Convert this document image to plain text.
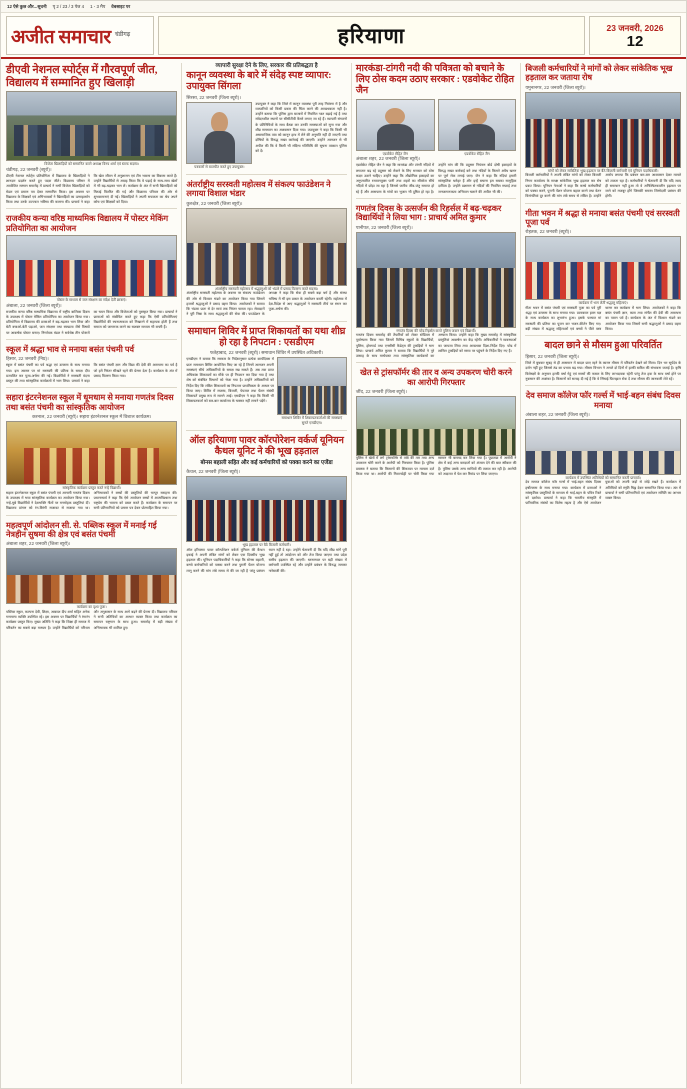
12 ऐसे कुछ और...सूचनी पृ 2 / 23 / 3 पेज 4 1 - 3 मैप वेबसाइट पर
अजीत समाचार चंडीगढ़	हरियाणा	23 जनवरी, 2026
12
डीएवी नेशनल स्पोर्ट्स में गौरवपूर्ण जीत, विद्यालय में सम्मानित हुए खिलाड़ी
विजेता खिलाड़ियों को सम्मानित करते अध्यक्ष विनय शर्मा एवं स्टाफ सदस्य।
चंडीगढ़, 22 जनवरी (ब्यूरो)।
डीएवी नेशनल स्पोर्ट्स प्रतियोगिता में विद्यालय के खिलाड़ियों ने शानदार प्रदर्शन करते हुए पदक जीते। विद्यालय परिसर में आयोजित सम्मान समारोह में प्राचार्य ने सभी विजेता खिलाड़ियों को मेडल एवं प्रमाण पत्र देकर सम्मानित किया। इस अवसर पर विद्यालय के शिक्षकों एवं अभिभावकों ने खिलाड़ियों का उत्साहवर्धन किया तथा उनके उज्ज्वल भविष्य की कामना की। प्राचार्य ने कहा कि खेल जीवन में अनुशासन एवं टीम भावना का विकास करते हैं। उन्होंने विद्यार्थियों से आग्रह किया कि वे पढ़ाई के साथ-साथ खेलों में भी बढ़-चढ़कर भाग लें। कार्यक्रम के अंत में सभी खिलाड़ियों को मिठाई वितरित की गई और विद्यालय परिवार की ओर से शुभकामनाएं दी गईं। खिलाड़ियों ने अपनी सफलता का श्रेय अपने कोच एवं शिक्षकों को दिया।
राजकीय कन्या वरिष्ठ माध्यमिक विद्यालय में पोस्टर मेकिंग प्रतियोगिता का आयोजन
पोस्टर के माध्यम से जल संरक्षण का संदेश देतीं छात्राएं।
अंबाला, 22 जनवरी (जिला ब्यूरो)।
राजकीय कन्या वरिष्ठ माध्यमिक विद्यालय में राष्ट्रीय बालिका दिवस के उपलक्ष्य में पोस्टर मेकिंग प्रतियोगिता का आयोजन किया गया। प्रतियोगिता में विद्यालय की छात्राओं ने बढ़-चढ़कर भाग लिया और बेटी बचाओ-बेटी पढ़ाओ, जल संरक्षण तथा स्वच्छता जैसे विषयों पर आकर्षक पोस्टर बनाए। निर्णायक मंडल ने सर्वश्रेष्ठ तीन पोस्टरों का चयन किया और विजेताओं को पुरस्कृत किया गया। प्राचार्या ने छात्राओं को संबोधित करते हुए कहा कि ऐसी प्रतियोगिताएं विद्यार्थियों की रचनात्मकता को निखारने में सहायक होती हैं तथा समाज को जागरूक करने का सशक्त माध्यम भी बनती हैं।
स्कूल में श्रद्धा भाव से मनाया बसंत पंचमी पर्व
हिसार, 22 जनवरी (निप्र)।
स्कूल में बसंत पंचमी का पर्व श्रद्धा एवं उल्लास के साथ मनाया गया। इस अवसर पर मां सरस्वती की प्रतिमा के समक्ष दीप प्रज्वलित कर पूजा-अर्चना की गई। विद्यार्थियों ने सरस्वती वंदना प्रस्तुत की तथा सांस्कृतिक कार्यक्रमों में भाग लिया। प्राचार्य ने कहा कि बसंत पंचमी ज्ञान और विद्या की देवी की आराधना का पर्व है जो हमें निरंतर सीखते रहने की प्रेरणा देता है। कार्यक्रम के अंत में प्रसाद वितरण किया गया।
सहारा इंटरनेशनल स्कूल में धूमधाम से मनाया गणतंत्र दिवस तथा बसंत पंचमी का सांस्कृतिक आयोजन
करनाल, 22 जनवरी (ब्यूरो)। सहारा इंटरनेशनल स्कूल में विशाल कार्यक्रम।
सांस्कृतिक कार्यक्रम प्रस्तुत करते नन्हे विद्यार्थी।
सहारा इंटरनेशनल स्कूल में बसंत पंचमी एवं आगामी गणतंत्र दिवस के उपलक्ष्य में भव्य सांस्कृतिक कार्यक्रम का आयोजन किया गया। नन्हे-मुन्ने विद्यार्थियों ने देशभक्ति गीतों पर मनमोहक प्रस्तुतियां दीं। विद्यालय प्रांगण को रंग-बिरंगी सजावट से सजाया गया था। अभिभावकों ने बच्चों की प्रस्तुतियों की भरपूर सराहना की। प्रधानाचार्य ने कहा कि ऐसे आयोजन बच्चों में आत्मविश्वास तथा राष्ट्रप्रेम की भावना को प्रबल करते हैं। कार्यक्रम के समापन पर सभी प्रतिभागियों को प्रमाण पत्र देकर प्रोत्साहित किया गया।
महत्वपूर्ण आंदोलन सी. से. पब्लिक स्कूल में मनाई गई नेत्रहीन सुषमा की क्षेत्र एवं बसंत पंचमी
अंबाला शहर, 22 जनवरी (जिला ब्यूरो)।
कार्यक्रम का दृश्य पूजा।
पब्लिक स्कूल, कल्पना देवी, शिक्षा, आकाश दीप शर्मा सहित अनेक गणमान्य व्यक्ति उपस्थित रहे। इस अवसर पर विद्यार्थियों ने रंगारंग कार्यक्रम प्रस्तुत किए। मुख्य अतिथि ने कहा कि शिक्षा ही समाज में परिवर्तन का सबसे बड़ा माध्यम है। उन्होंने विद्यार्थियों को परिश्रम और अनुशासन के साथ आगे बढ़ने की प्रेरणा दी। विद्यालय परिवार ने सभी अतिथियों का आभार व्यक्त किया तथा कार्यक्रम का समापन राष्ट्रगान के साथ हुआ। समारोह में बड़ी संख्या में अभिभावक भी शामिल हुए।
व्यापारी सुरक्षा देने के लिए, सरकार की प्रतिबद्धता है
कानून व्यवस्था के बारे में संदेह स्पष्ट व्यापार: उपायुक्त सिंगला
सिरसा, 22 जनवरी (जिला ब्यूरो)।
पत्रकारों से बातचीत करते हुए उपायुक्त।
उपायुक्त ने कहा कि जिले में कानून व्यवस्था पूरी तरह नियंत्रण में है और व्यापारियों को किसी प्रकार की चिंता करने की आवश्यकता नहीं है। उन्होंने बताया कि पुलिस द्वारा बाजारों में नियमित गश्त बढ़ाई गई है तथा संवेदनशील स्थानों पर सीसीटीवी कैमरे लगाए जा रहे हैं। व्यापारी संगठनों के प्रतिनिधियों के साथ बैठक कर उनकी समस्याओं को सुना गया और शीघ्र समाधान का आश्वासन दिया गया। उपायुक्त ने कहा कि किसी भी असामाजिक तत्व को कानून हाथ में लेने की अनुमति नहीं दी जाएगी तथा दोषियों के विरुद्ध सख्त कार्रवाई की जाएगी। उन्होंने आमजन से भी अपील की कि वे किसी भी संदिग्ध गतिविधि की सूचना तत्काल पुलिस को दें।
अंतर्राष्ट्रीय सरस्वती महोत्सव में संकल्प फाउंडेशन ने लगाया विशाल भंडार
कुरुक्षेत्र, 22 जनवरी (जिला ब्यूरो)।
अंतर्राष्ट्रीय सरस्वती महोत्सव में श्रद्धालुओं को भंडारे में प्रसाद वितरण करते सदस्य।
अंतर्राष्ट्रीय सरस्वती महोत्सव के अवसर पर संकल्प फाउंडेशन की ओर से विशाल भंडारे का आयोजन किया गया जिसमें हजारों श्रद्धालुओं ने प्रसाद ग्रहण किया। आयोजकों ने बताया कि भंडारा प्रातः से देर सायं तक निरंतर चलता रहा। सेवादारों ने पूरी निष्ठा के साथ श्रद्धालुओं की सेवा की। फाउंडेशन के अध्यक्ष ने कहा कि सेवा ही सबसे बड़ा धर्म है और संस्था भविष्य में भी इस प्रकार के आयोजन करती रहेगी। महोत्सव में देश-विदेश से आए श्रद्धालुओं ने सरस्वती तीर्थ पर स्नान कर पूजा-अर्चना की।
समाधान शिविर में प्राप्त शिकायतों का यथा शीघ्र हो रहा है निपटान : एसडीएम
फतेहाबाद, 22 जनवरी (ब्यूरो)। समाधान शिविर में उपस्थित अधिकारी।
समाधान शिविर में शिकायतकर्ताओं की समस्याएं सुनते एसडीएम।
एसडीएम ने बताया कि सरकार के निर्देशानुसार प्रत्येक कार्यदिवस में प्रातः समाधान शिविर आयोजित किए जा रहे हैं जिनमें आमजन अपनी समस्याएं सीधे अधिकारियों के समक्ष रख सकते हैं। अब तक प्राप्त अधिकांश शिकायतों का मौके पर ही निपटान कर दिया गया है तथा शेष को संबंधित विभागों को भेजा गया है। उन्होंने अधिकारियों को निर्देश दिए कि लंबित शिकायतों का निपटारा प्राथमिकता के आधार पर किया जाए। शिविर में राजस्व, बिजली, पेयजल तथा पेंशन संबंधी शिकायतें प्रमुख रूप से सामने आईं। एसडीएम ने कहा कि किसी भी शिकायतकर्ता को बार-बार कार्यालय के चक्कर नहीं लगाने पड़ेंगे।
ऑल हरियाणा पावर कॉरपोरेशन वर्कर्ज यूनियन कैथल यूनिट ने की भूख हड़ताल
बोनस बहाली सहित और कई कर्मचारियों को पक्का करने का एजेंडा
कैथल, 22 जनवरी (जिला ब्यूरो)।
भूख हड़ताल पर बैठे बिजली कर्मचारी।
ऑल हरियाणा पावर कॉरपोरेशन वर्कर्ज यूनियन की कैथल इकाई ने अपनी लंबित मांगों को लेकर एक दिवसीय भूख हड़ताल की। यूनियन पदाधिकारियों ने कहा कि बोनस बहाली, कच्चे कर्मचारियों को पक्का करने तथा पुरानी पेंशन योजना लागू करने की मांग लंबे समय से की जा रही है परंतु प्रबंधन ध्यान नहीं दे रहा। उन्होंने चेतावनी दी कि यदि शीघ्र मांगें पूरी नहीं हुईं तो आंदोलन को और तेज किया जाएगा तथा प्रदेश स्तरीय हड़ताल की जाएगी। धरनास्थल पर बड़ी संख्या में कर्मचारी उपस्थित रहे और उन्होंने प्रबंधन के विरुद्ध जमकर नारेबाजी की।
मारकंडा-टांगरी नदी की पवित्रता को बचाने के लिए ठोस कदम उठाए सरकार : एडवोकेट रोहित जैन
एडवोकेट रोहित जैन	एडवोकेट रोहित जैन
अंबाला शहर, 22 जनवरी (जिला ब्यूरो)।
एडवोकेट रोहित जैन ने कहा कि मारकंडा और टांगरी नदियों में लगातार बढ़ रहे प्रदूषण को रोकने के लिए सरकार को ठोस कदम उठाने चाहिए। उन्होंने कहा कि औद्योगिक इकाइयों का अनुपचारित रसायनयुक्त पानी तथा शहरों का सीवरेज सीधे नदियों में छोड़ा जा रहा है जिससे जलीय जीव-जंतु समाप्त हो रहे हैं और आसपास के गांवों का भूजल भी दूषित हो रहा है। उन्होंने मांग की कि प्रदूषण नियंत्रण बोर्ड दोषी इकाइयों के विरुद्ध सख्त कार्रवाई करे तथा नदियों के किनारे अवैध खनन पर पूर्ण रोक लगाई जाए। जैन ने कहा कि नदियां हमारी सांस्कृतिक धरोहर हैं और इन्हें बचाना हम सबका सामूहिक दायित्व है। उन्होंने प्रशासन से नदियों की नियमित सफाई तथा जनजागरूकता अभियान चलाने की अपील भी की।
गणतंत्र दिवस के उत्सर्जन की रिहर्सल में बढ़-चढ़कर विद्यार्थियों ने लिया भाग : प्राचार्य अमित कुमार
पानीपत, 22 जनवरी (जिला ब्यूरो)।
गणतंत्र दिवस की परेड रिहर्सल करते पुलिस जवान एवं विद्यार्थी।
गणतंत्र दिवस समारोह की तैयारियों को लेकर स्टेडियम में पूर्वाभ्यास किया गया जिसमें विभिन्न स्कूलों के विद्यार्थियों, पुलिस, होमगार्ड तथा एनसीसी कैडेट्स की टुकड़ियों ने भाग लिया। प्राचार्य अमित कुमार ने बताया कि विद्यार्थियों ने पूरे उत्साह के साथ मार्चपास्ट तथा सांस्कृतिक कार्यक्रमों का अभ्यास किया। उन्होंने कहा कि मुख्य समारोह में सांस्कृतिक प्रस्तुतियां आकर्षण का केंद्र रहेंगी। अधिकारियों ने व्यवस्थाओं का जायजा लिया तथा आवश्यक दिशा-निर्देश दिए। परेड में शामिल टुकड़ियों को समय पर पहुंचने के निर्देश दिए गए हैं।
खेत से ट्रांसफॉर्मर की तार व अन्य उपकरण चोरी करने का आरोपी गिरफ्तार
जींद, 22 जनवरी (जिला ब्यूरो)।
पुलिस ने खेतों में लगे ट्रांसफॉर्मर से तांबे की तार तथा अन्य उपकरण चोरी करने के आरोपी को गिरफ्तार किया है। पुलिस प्रवक्ता ने बताया कि किसानों की शिकायत पर मामला दर्ज किया गया था। आरोपी की निशानदेही पर चोरी किया गया सामान भी बरामद कर लिया गया है। पूछताछ में आरोपी ने क्षेत्र में कई अन्य वारदातों को अंजाम देने की बात स्वीकार की है। पुलिस उसके अन्य साथियों की तलाश कर रही है। आरोपी को अदालत में पेश कर रिमांड पर लिया जाएगा।
बिजली कर्मचारियों ने मांगों को लेकर सांकेतिक भूख हड़ताल कर जताया रोष
यमुनानगर, 22 जनवरी (जिला ब्यूरो)।
मांगों को लेकर सांकेतिक भूख हड़ताल पर बैठे बिजली कर्मचारी एवं यूनियन पदाधिकारी।
बिजली कर्मचारियों ने अपनी लंबित मांगों को लेकर बिजली निगम कार्यालय के समक्ष सांकेतिक भूख हड़ताल कर रोष प्रकट किया। यूनियन नेताओं ने कहा कि कच्चे कर्मचारियों को पक्का करने, पुरानी पेंशन योजना बहाल करने तथा वेतन विसंगतियां दूर करने की मांग लंबे समय से लंबित है। उन्होंने आरोप लगाया कि प्रबंधन बार-बार आश्वासन देकर मामले को टालता रहा है। कर्मचारियों ने चेतावनी दी कि यदि जल्द ही समाधान नहीं हुआ तो वे अनिश्चितकालीन हड़ताल पर जाने को मजबूर होंगे जिसकी समस्त जिम्मेदारी प्रबंधन की होगी।
गीता भवन में श्रद्धा से मनाया बसंत पंचमी एवं सरस्वती पूजा पर्व
रोहतक, 22 जनवरी (ब्यूरो)।
कार्यक्रम में भाग लेतीं श्रद्धालु महिलाएं।
गीता भवन में बसंत पंचमी एवं सरस्वती पूजा का पर्व पूरी श्रद्धा एवं उल्लास के साथ मनाया गया। प्रातःकाल हवन यज्ञ के साथ कार्यक्रम का शुभारंभ हुआ। इसके पश्चात मां सरस्वती की प्रतिमा का पूजन कर भजन-कीर्तन किए गए। बड़ी संख्या में श्रद्धालु महिलाओं एवं बच्चों ने पीले वस्त्र धारण कर कार्यक्रम में भाग लिया। आयोजकों ने कहा कि बसंत पंचमी ज्ञान, कला तथा संगीत की देवी की आराधना का पावन पर्व है। कार्यक्रम के अंत में विशाल भंडारे का आयोजन किया गया जिसमें सभी श्रद्धालुओं ने प्रसाद ग्रहण किया।
बादल छाने से मौसम हुआ परिवर्तित
हिसार, 22 जनवरी (जिला ब्यूरो)।
जिले में बुधवार सुबह से ही आसमान में बादल छाए रहने के कारण मौसम में परिवर्तन देखने को मिला। दिन भर सूर्यदेव के दर्शन नहीं हुए जिससे ठंड का प्रभाव बढ़ गया। मौसम विभाग ने अगले दो दिनों में हल्की बारिश की संभावना जताई है। कृषि विशेषज्ञों के अनुसार हल्की वर्षा गेहूं एवं सरसों की फसल के लिए लाभदायक रहेगी परंतु तेज हवा के साथ वर्षा होने पर नुकसान की आशंका है। किसानों को सलाह दी गई है कि वे सिंचाई फिलहाल रोक दें तथा मौसम की जानकारी लेते रहें।
देव समाज कॉलेज फॉर गर्ल्स में भाई-बहन संबंध दिवस मनाया
अंबाला शहर, 22 जनवरी (जिला ब्यूरो)।
कार्यक्रम में उपस्थित अतिथियों को सम्मानित करती प्राचार्या।
देव समाज कॉलेज फॉर गर्ल्स में भाई-बहन संबंध दिवस हर्षोल्लास के साथ मनाया गया। कार्यक्रम में छात्राओं ने सांस्कृतिक प्रस्तुतियों के माध्यम से भाई-बहन के पवित्र रिश्ते को दर्शाया। प्राचार्या ने कहा कि भारतीय संस्कृति में पारिवारिक संबंधों का विशेष महत्व है और ऐसे आयोजन युवाओं को अपनी जड़ों से जोड़े रखते हैं। कार्यक्रम में अतिथियों को स्मृति चिह्न देकर सम्मानित किया गया। अंत में प्राचार्या ने सभी प्रतिभागियों एवं आयोजन समिति का आभार व्यक्त किया।
